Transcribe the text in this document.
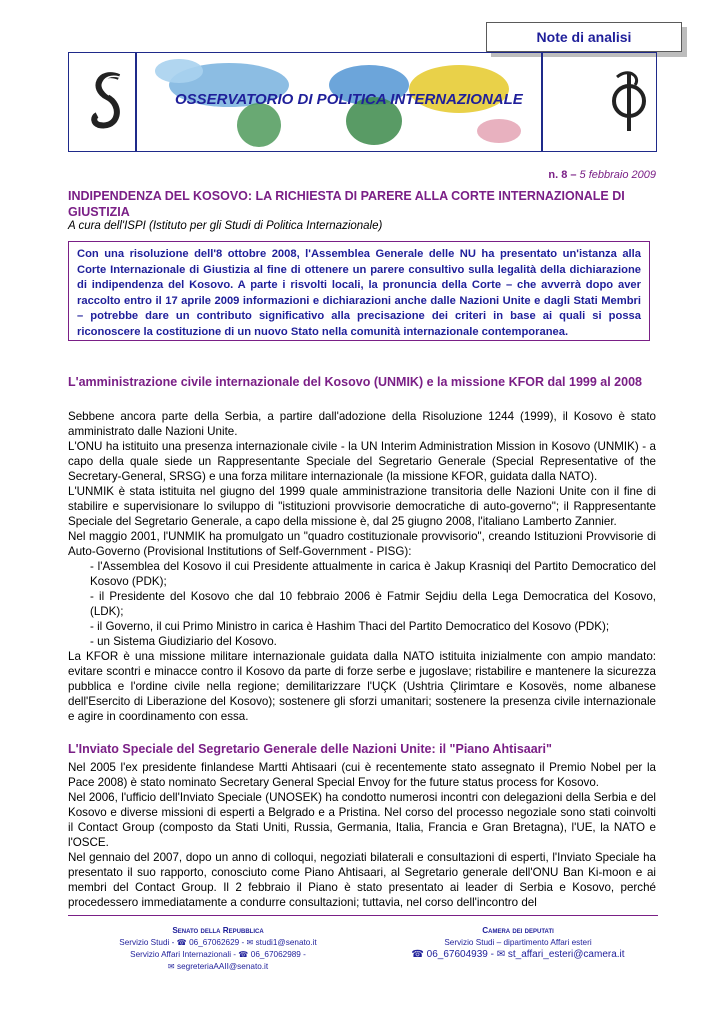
Note di analisi
OSSERVATORIO DI POLITICA INTERNAZIONALE
n. 8 – 5 febbraio 2009
INDIPENDENZA DEL KOSOVO: LA RICHIESTA DI PARERE ALLA CORTE INTERNAZIONALE DI GIUSTIZIA
A cura dell'ISPI (Istituto per gli Studi di Politica Internazionale)
Con una risoluzione dell'8 ottobre 2008, l'Assemblea Generale delle NU ha presentato un'istanza alla Corte Internazionale di Giustizia al fine di ottenere un parere consultivo sulla legalità della dichiarazione di indipendenza del Kosovo. A parte i risvolti locali, la pronuncia della Corte – che avverrà dopo aver raccolto entro il 17 aprile 2009 informazioni e dichiarazioni anche dalle Nazioni Unite e dagli Stati Membri – potrebbe dare un contributo significativo alla precisazione dei criteri in base ai quali si possa riconoscere la costituzione di un nuovo Stato nella comunità internazionale contemporanea.
L'amministrazione civile internazionale del Kosovo (UNMIK) e la missione KFOR dal 1999 al 2008

Sebbene ancora parte della Serbia, a partire dall'adozione della Risoluzione 1244 (1999), il Kosovo è stato amministrato dalle Nazioni Unite.

L'ONU ha istituito una presenza internazionale civile - la UN Interim Administration Mission in Kosovo (UNMIK) - a capo della quale siede un Rappresentante Speciale del Segretario Generale (Special Representative of the Secretary-General, SRSG) e una forza militare internazionale (la missione KFOR, guidata dalla NATO).

L'UNMIK è stata istituita nel giugno del 1999 quale amministrazione transitoria delle Nazioni Unite con il fine di stabilire e supervisionare lo sviluppo di "istituzioni provvisorie democratiche di auto-governo"; il Rappresentante Speciale del Segretario Generale, a capo della missione è, dal 25 giugno 2008, l'italiano Lamberto Zannier.

Nel maggio 2001, l'UNMIK ha promulgato un "quadro costituzionale provvisorio", creando Istituzioni Provvisorie di Auto-Governo (Provisional Institutions of Self-Government - PISG):

- l'Assemblea del Kosovo il cui Presidente attualmente in carica è Jakup Krasniqi del Partito Democratico del Kosovo (PDK);

- il Presidente del Kosovo che dal 10 febbraio 2006 è Fatmir Sejdiu della Lega Democratica del Kosovo, (LDK);

- il Governo, il cui Primo Ministro in carica è Hashim Thaci del Partito Democratico del Kosovo (PDK);

- un Sistema Giudiziario del Kosovo.

La KFOR è una missione militare internazionale guidata dalla NATO istituita inizialmente con ampio mandato: evitare scontri e minacce contro il Kosovo da parte di forze serbe e jugoslave; ristabilire e mantenere la sicurezza pubblica e l'ordine civile nella regione; demilitarizzare l'UÇK (Ushtria Çlirimtare e Kosovës, nome albanese dell'Esercito di Liberazione del Kosovo); sostenere gli sforzi umanitari; sostenere la presenza civile internazionale e agire in coordinamento con essa.

L'Inviato Speciale del Segretario Generale delle Nazioni Unite: il "Piano Ahtisaari"

Nel 2005 l'ex presidente finlandese Martti Ahtisaari (cui è recentemente stato assegnato il Premio Nobel per la Pace 2008) è stato nominato Secretary General Special Envoy for the future status process for Kosovo.

Nel 2006, l'ufficio dell'Inviato Speciale (UNOSEK) ha condotto numerosi incontri con delegazioni della Serbia e del Kosovo e diverse missioni di esperti a Belgrado e a Pristina. Nel corso del processo negoziale sono stati coinvolti il Contact Group (composto da Stati Uniti, Russia, Germania, Italia, Francia e Gran Bretagna), l'UE, la NATO e l'OSCE.

Nel gennaio del 2007, dopo un anno di colloqui, negoziati bilaterali e consultazioni di esperti, l'Inviato Speciale ha presentato il suo rapporto, conosciuto come Piano Ahtisaari, al Segretario generale dell'ONU Ban Ki-moon e ai membri del Contact Group. Il 2 febbraio il Piano è stato presentato ai leader di Serbia e Kosovo, perché procedessero immediatamente a condurre consultazioni; tuttavia, nel corso dell'incontro del

Senato della Repubblica
Servizio Studi - ☎ 06_67062629 - ✉ studi1@senato.it
Servizio Affari Internazionali - ☎ 06_67062989 -
✉ segreteriaAAII@senato.it
Camera dei deputati
Servizio Studi – dipartimento Affari esteri
☎ 06_67604939 - ✉ st_affari_esteri@camera.it
